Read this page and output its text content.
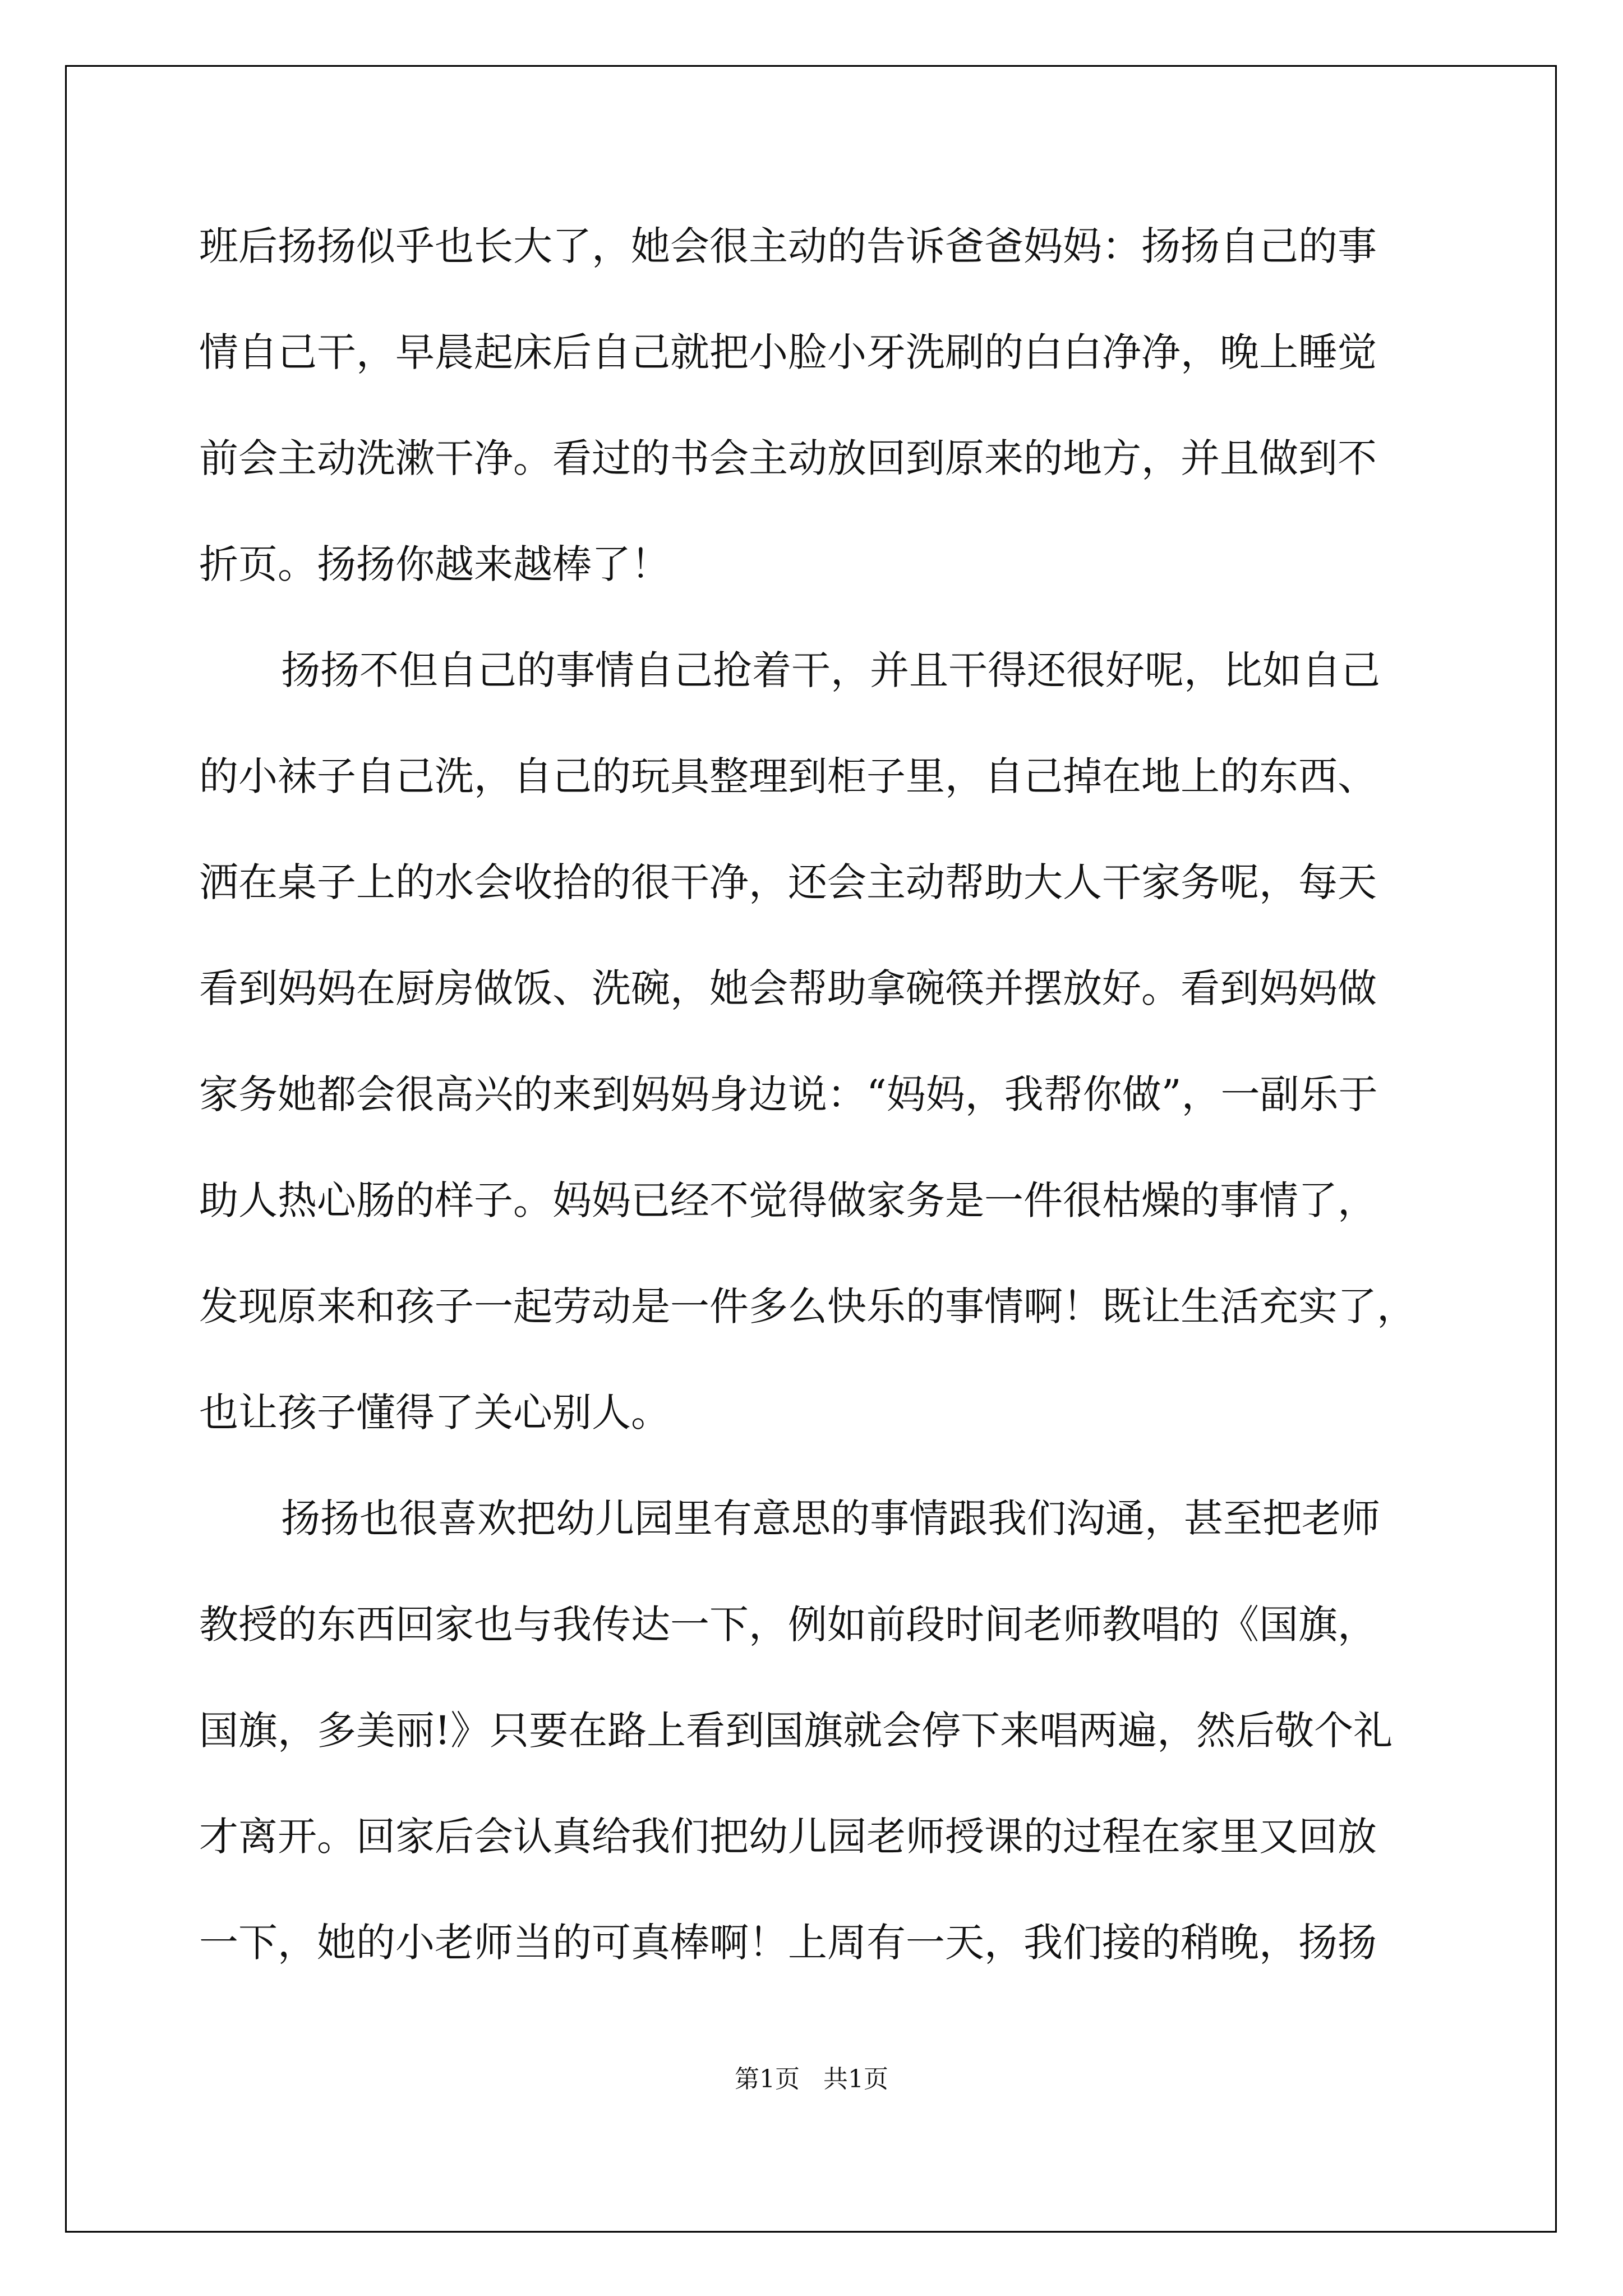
班后扬扬似乎也长大了，她会很主动的告诉爸爸妈妈：扬扬自己的事
情自己干，早晨起床后自己就把小脸小牙洗刷的白白净净，晚上睡觉
前会主动洗漱干净。看过的书会主动放回到原来的地方，并且做到不
折页。扬扬你越来越棒了！
扬扬不但自己的事情自己抢着干，并且干得还很好呢，比如自己
的小袜子自己洗，自己的玩具整理到柜子里，自己掉在地上的东西、
洒在桌子上的水会收拾的很干净，还会主动帮助大人干家务呢，每天
看到妈妈在厨房做饭、洗碗，她会帮助拿碗筷并摆放好。看到妈妈做
家务她都会很高兴的来到妈妈身边说：“妈妈，我帮你做”，一副乐于
助人热心肠的样子。妈妈已经不觉得做家务是一件很枯燥的事情了，
发现原来和孩子一起劳动是一件多么快乐的事情啊！既让生活充实了，
也让孩子懂得了关心别人。
扬扬也很喜欢把幼儿园里有意思的事情跟我们沟通，甚至把老师
教授的东西回家也与我传达一下，例如前段时间老师教唱的《国旗，
国旗，多美丽!》只要在路上看到国旗就会停下来唱两遍，然后敬个礼
才离开。回家后会认真给我们把幼儿园老师授课的过程在家里又回放
一下，她的小老师当的可真棒啊！上周有一天，我们接的稍晚，扬扬
第1页 共1页
